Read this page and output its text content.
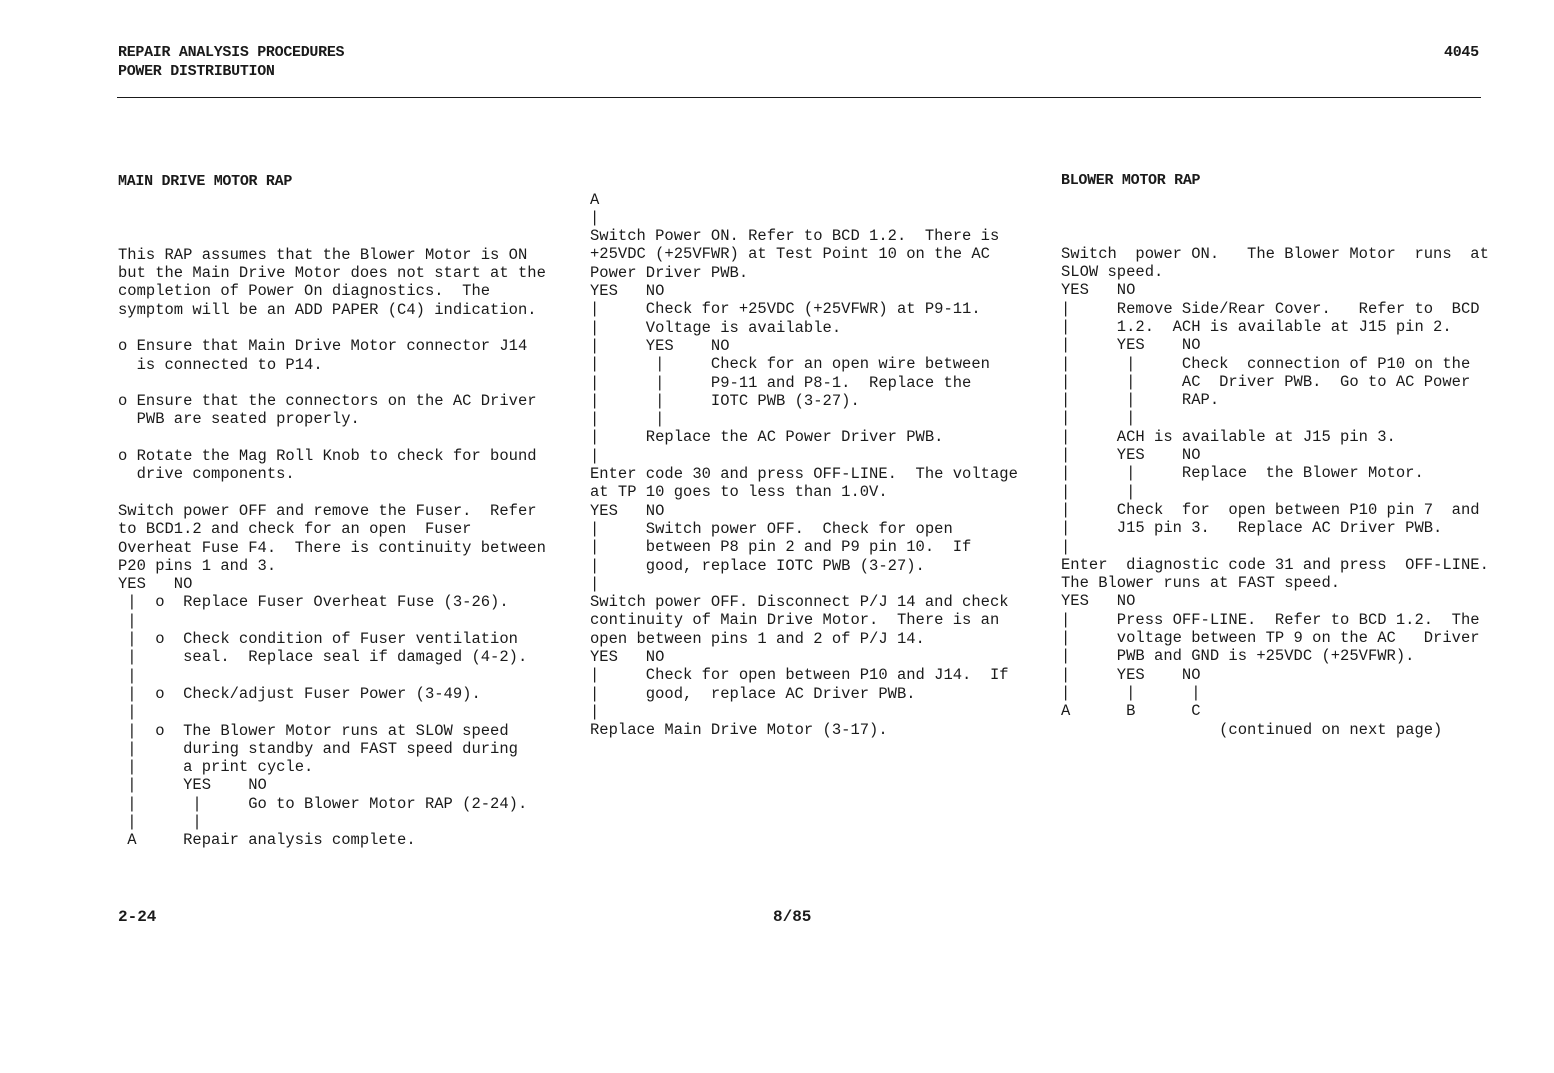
REPAIR ANALYSIS PROCEDURES
POWER DISTRIBUTION
4045

MAIN DRIVE MOTOR RAP

This RAP assumes that the Blower Motor is ON
but the Main Drive Motor does not start at the
completion of Power On diagnostics.  The
symptom will be an ADD PAPER (C4) indication.
o Ensure that Main Drive Motor connector J14
is connected to P14.
o Ensure that the connectors on the AC Driver
PWB are seated properly.
o Rotate the Mag Roll Knob to check for bound
drive components.
Switch power OFF and remove the Fuser.  Refer
to BCD1.2 and check for an open  Fuser
Overheat Fuse F4.  There is continuity between
P20 pins 1 and 3.
YES   NO
|  o  Replace Fuser Overheat Fuse (3-26).
|
|  o  Check condition of Fuser ventilation
|     seal.  Replace seal if damaged (4-2).
|
|  o  Check/adjust Fuser Power (3-49).
|
|  o  The Blower Motor runs at SLOW speed
|     during standby and FAST speed during
|     a print cycle.
|     YES    NO
|      |     Go to Blower Motor RAP (2-24).
|      |
A     Repair analysis complete.

A
|
Switch Power ON. Refer to BCD 1.2.  There is
+25VDC (+25VFWR) at Test Point 10 on the AC
Power Driver PWB.
YES   NO
|     Check for +25VDC (+25VFWR) at P9-11.
|     Voltage is available.
|     YES    NO
|      |     Check for an open wire between
|      |     P9-11 and P8-1.  Replace the
|      |     IOTC PWB (3-27).
|      |
|     Replace the AC Power Driver PWB.
|
Enter code 30 and press OFF-LINE.  The voltage
at TP 10 goes to less than 1.0V.
YES   NO
|     Switch power OFF.  Check for open
|     between P8 pin 2 and P9 pin 10.  If
|     good, replace IOTC PWB (3-27).
|
Switch power OFF. Disconnect P/J 14 and check
continuity of Main Drive Motor.  There is an
open between pins 1 and 2 of P/J 14.
YES   NO
|     Check for open between P10 and J14.  If
|     good,  replace AC Driver PWB.
|
Replace Main Drive Motor (3-17).

BLOWER MOTOR RAP

Switch  power ON.   The Blower Motor  runs  at
SLOW speed.
YES   NO
|     Remove Side/Rear Cover.   Refer to  BCD
|     1.2.  ACH is available at J15 pin 2.
|     YES    NO
|      |     Check  connection of P10 on the
|      |     AC  Driver PWB.  Go to AC Power
|      |     RAP.
|      |
|     ACH is available at J15 pin 3.
|     YES    NO
|      |     Replace  the Blower Motor.
|      |
|     Check  for  open between P10 pin 7  and
|     J15 pin 3.   Replace AC Driver PWB.
|
Enter  diagnostic code 31 and press  OFF-LINE.
The Blower runs at FAST speed.
YES   NO
|     Press OFF-LINE.  Refer to BCD 1.2.  The
|     voltage between TP 9 on the AC   Driver
|     PWB and GND is +25VDC (+25VFWR).
|     YES    NO
|      |      |
A      B      C
(continued on next page)

2-24	8/85
